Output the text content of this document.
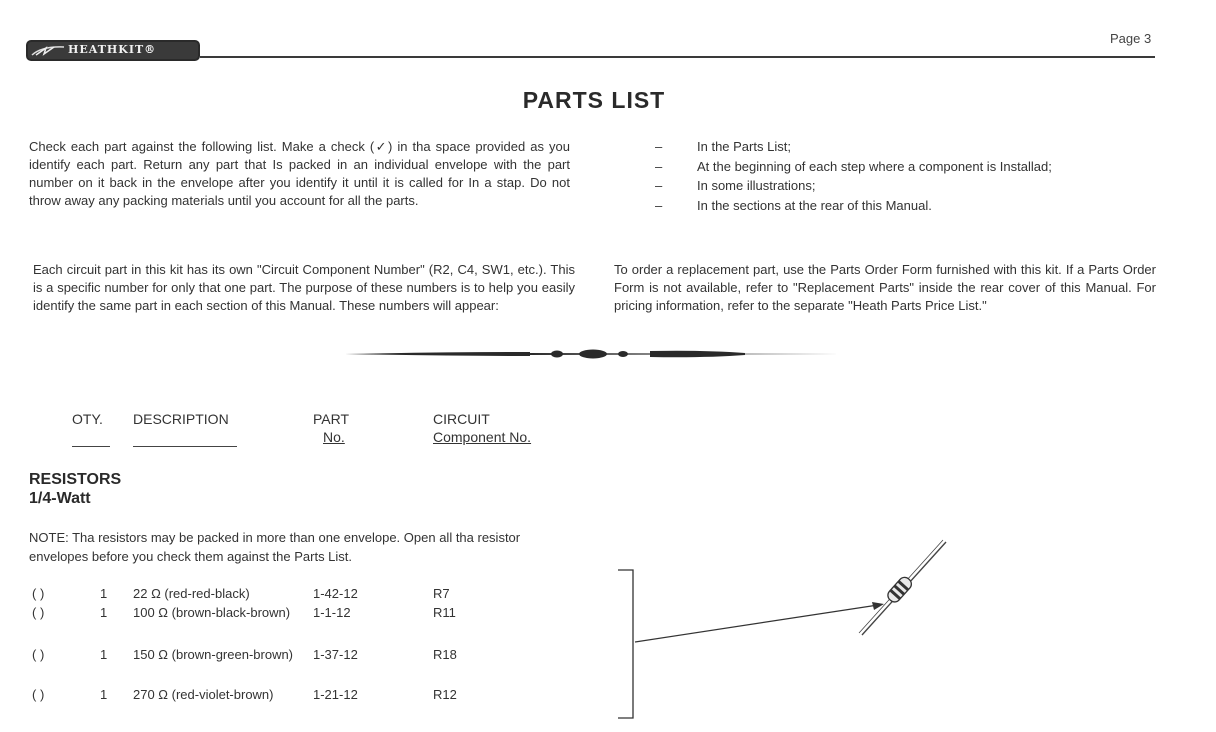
HEATHKIT®
Page 3
PARTS LIST
Check each part against the following list. Make a check (✓) in tha space provided as you identify each part. Return any part that Is packed in an individual envelope with the part number on it back in the envelope after you identify it until it is called for In a stap. Do not throw away any packing materials until you account for all the parts.
–	In the Parts List;
–	At the beginning of each step where a component is Installad;
–	In some illustrations;
–	In the sections at the rear of this Manual.
Each circuit part in this kit has its own "Circuit Component Number" (R2, C4, SW1, etc.). This is a specific number for only that one part. The purpose of these numbers is to help you easily identify the same part in each section of this Manual. These numbers will appear:
To order a replacement part, use the Parts Order Form furnished with this kit. If a Parts Order Form is not available, refer to "Replacement Parts" inside the rear cover of this Manual. For pricing information, refer to the separate "Heath Parts Price List."
OTY. DESCRIPTION	PART
No.
CIRCUIT
Component No.
RESISTORS
1/4-Watt
NOTE: Tha resistors may be packed in more than one envelope. Open all tha resistor envelopes before you check them against the Parts List.
( )	1 22 Ω (red-red-black)	1-42-12	R7
( )	1 100 Ω (brown-black-brown) 1-1-12	R11
( )	1 150 Ω (brown-green-brown) 1-37-12	R18
( )	1 270 Ω (red-violet-brown)	1-21-12	R12
